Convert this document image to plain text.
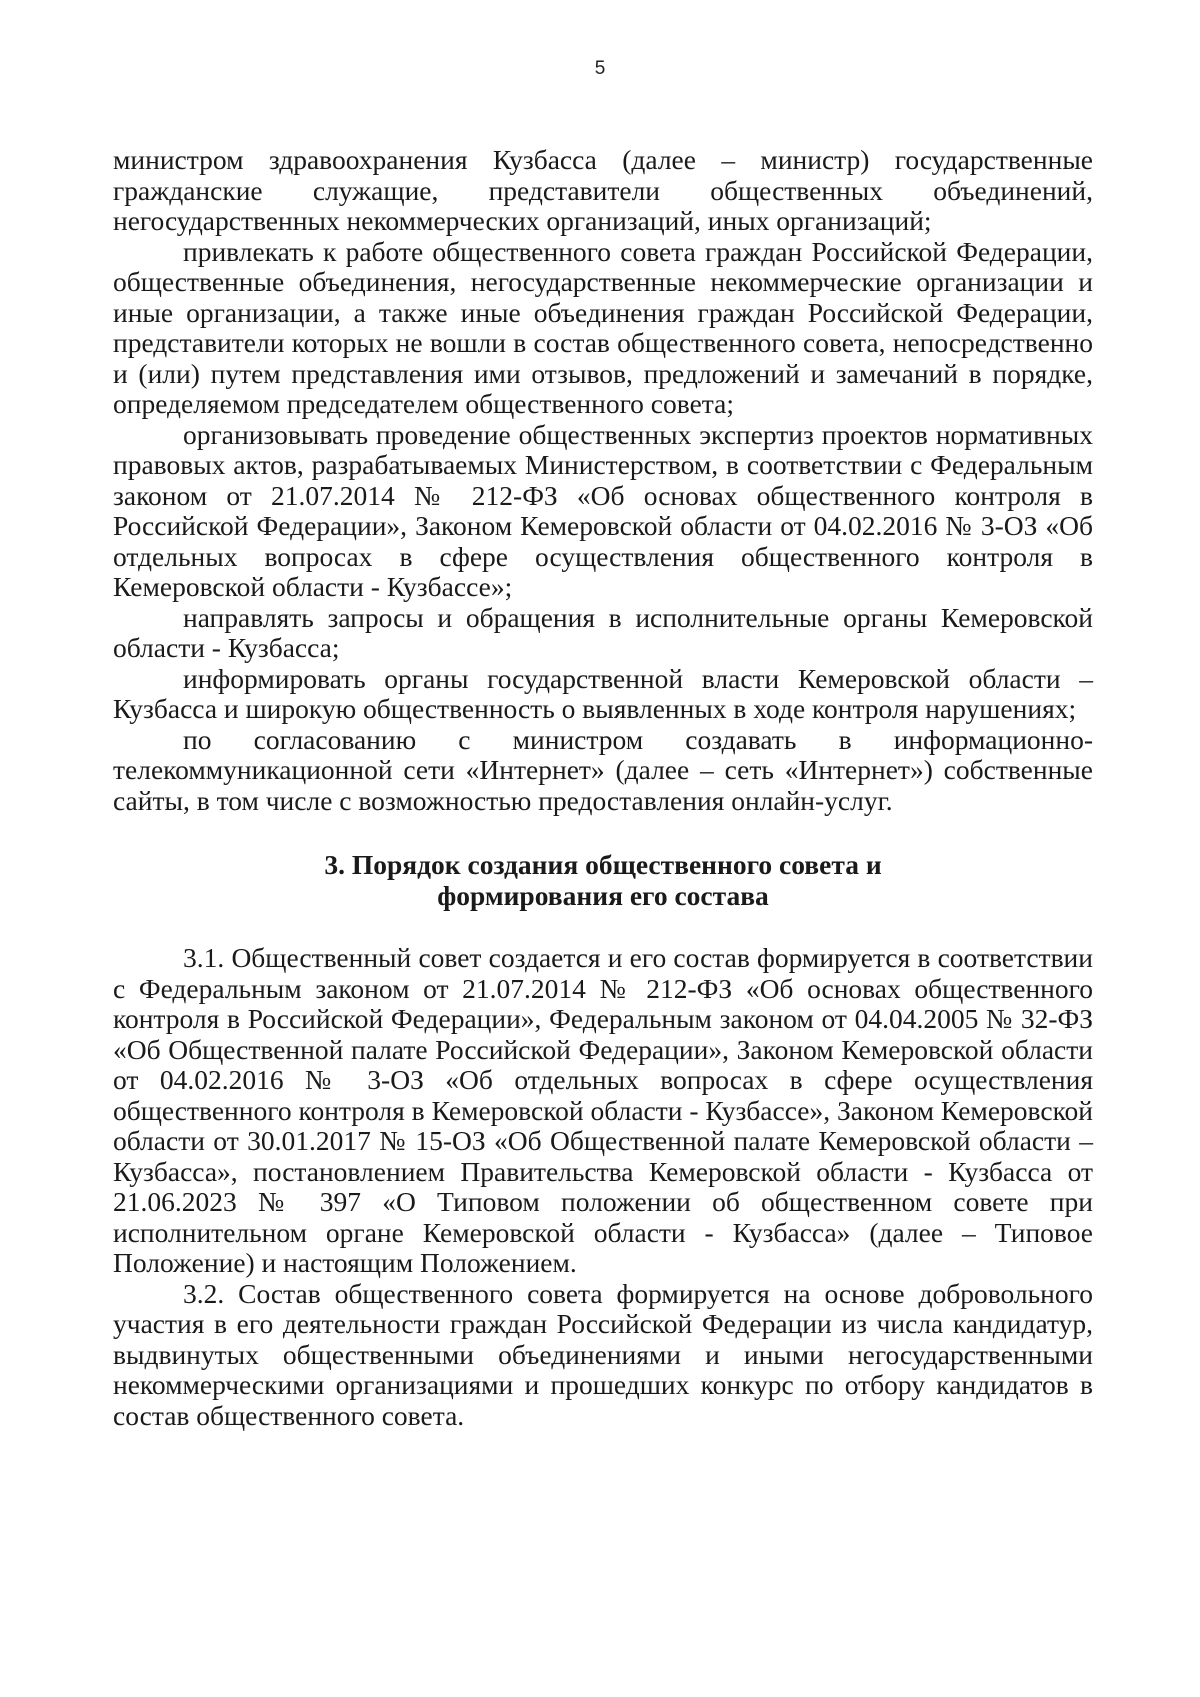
5

министром здравоохранения Кузбасса (далее – министр) государственные гражданские служащие, представители общественных объединений, негосударственных некоммерческих организаций, иных организаций;

привлекать к работе общественного совета граждан Российской Федерации, общественные объединения, негосударственные некоммерческие организации и иные организации, а также иные объединения граждан Российской Федерации, представители которых не вошли в состав общественного совета, непосредственно и (или) путем представления ими отзывов, предложений и замечаний в порядке, определяемом председателем общественного совета;

организовывать проведение общественных экспертиз проектов нормативных правовых актов, разрабатываемых Министерством, в соответствии с Федеральным законом от 21.07.2014 № 212-ФЗ «Об основах общественного контроля в Российской Федерации», Законом Кемеровской области от 04.02.2016 № 3-ОЗ «Об отдельных вопросах в сфере осуществления общественного контроля в Кемеровской области - Кузбассе»;

направлять запросы и обращения в исполнительные органы Кемеровской области - Кузбасса;

информировать органы государственной власти Кемеровской области – Кузбасса и широкую общественность о выявленных в ходе контроля нарушениях;

по согласованию с министром создавать в информационно-телекоммуникационной сети «Интернет» (далее – сеть «Интернет») собственные сайты, в том числе с возможностью предоставления онлайн-услуг.

3. Порядок создания общественного совета и
формирования его состава

3.1. Общественный совет создается и его состав формируется в соответствии с Федеральным законом от 21.07.2014 № 212-ФЗ «Об основах общественного контроля в Российской Федерации», Федеральным законом от 04.04.2005 № 32-ФЗ «Об Общественной палате Российской Федерации», Законом Кемеровской области от 04.02.2016 № 3-ОЗ «Об отдельных вопросах в сфере осуществления общественного контроля в Кемеровской области - Кузбассе», Законом Кемеровской области от 30.01.2017 № 15-ОЗ «Об Общественной палате Кемеровской области – Кузбасса», постановлением Правительства Кемеровской области - Кузбасса от 21.06.2023 № 397 «О Типовом положении об общественном совете при исполнительном органе Кемеровской области - Кузбасса» (далее – Типовое Положение) и настоящим Положением.

3.2. Состав общественного совета формируется на основе добровольного участия в его деятельности граждан Российской Федерации из числа кандидатур, выдвинутых общественными объединениями и иными негосударственными некоммерческими организациями и прошедших конкурс по отбору кандидатов в состав общественного совета.
